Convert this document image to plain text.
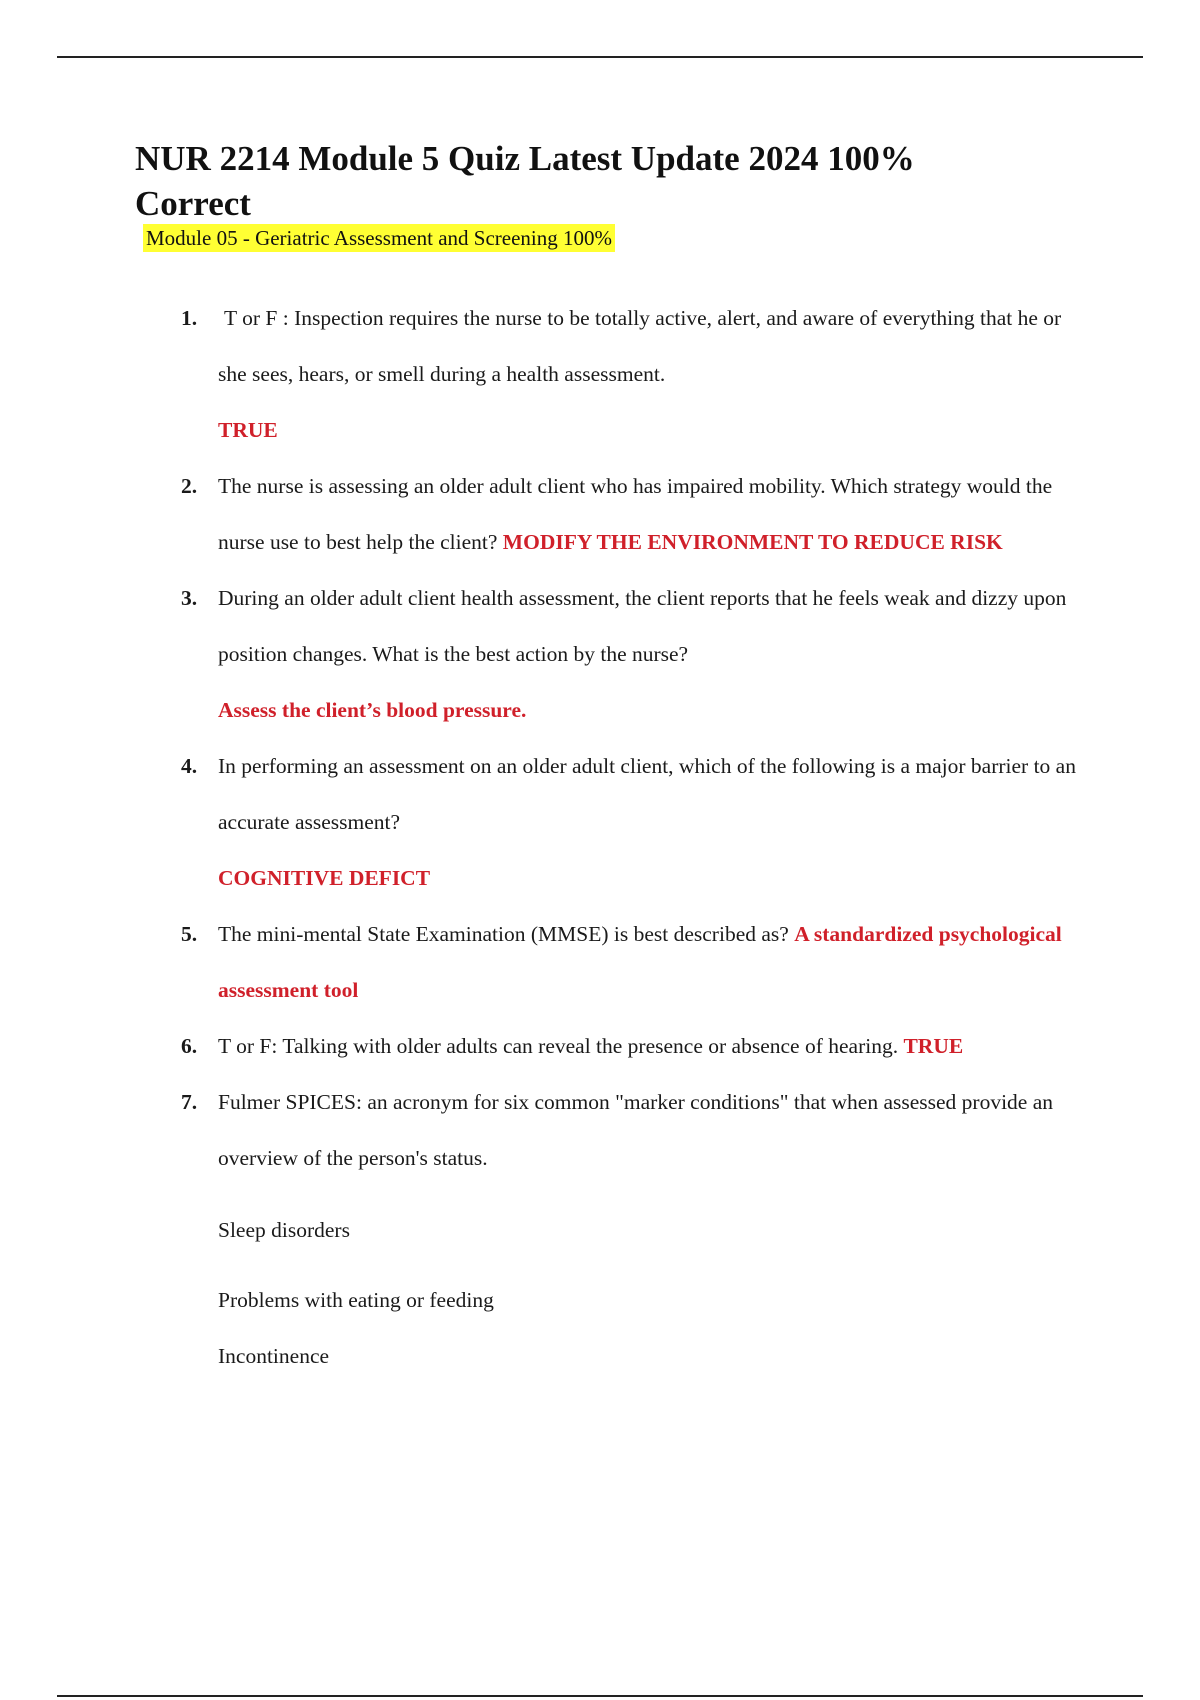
NUR 2214 Module 5 Quiz Latest Update 2024 100% Correct

Module 05 - Geriatric Assessment and Screening 100%

1. T or F : Inspection requires the nurse to be totally active, alert, and aware of everything that he or she sees, hears, or smell during a health assessment.
TRUE
2. The nurse is assessing an older adult client who has impaired mobility. Which strategy would the nurse use to best help the client? MODIFY THE ENVIRONMENT TO REDUCE RISK
3. During an older adult client health assessment, the client reports that he feels weak and dizzy upon position changes. What is the best action by the nurse?
Assess the client’s blood pressure.
4. In performing an assessment on an older adult client, which of the following is a major barrier to an accurate assessment?
COGNITIVE DEFICT
5. The mini-mental State Examination (MMSE) is best described as? A standardized psychological assessment tool
6. T or F: Talking with older adults can reveal the presence or absence of hearing. TRUE
7. Fulmer SPICES: an acronym for six common "marker conditions" that when assessed provide an overview of the person's status.
Sleep disorders
Problems with eating or feeding
Incontinence
